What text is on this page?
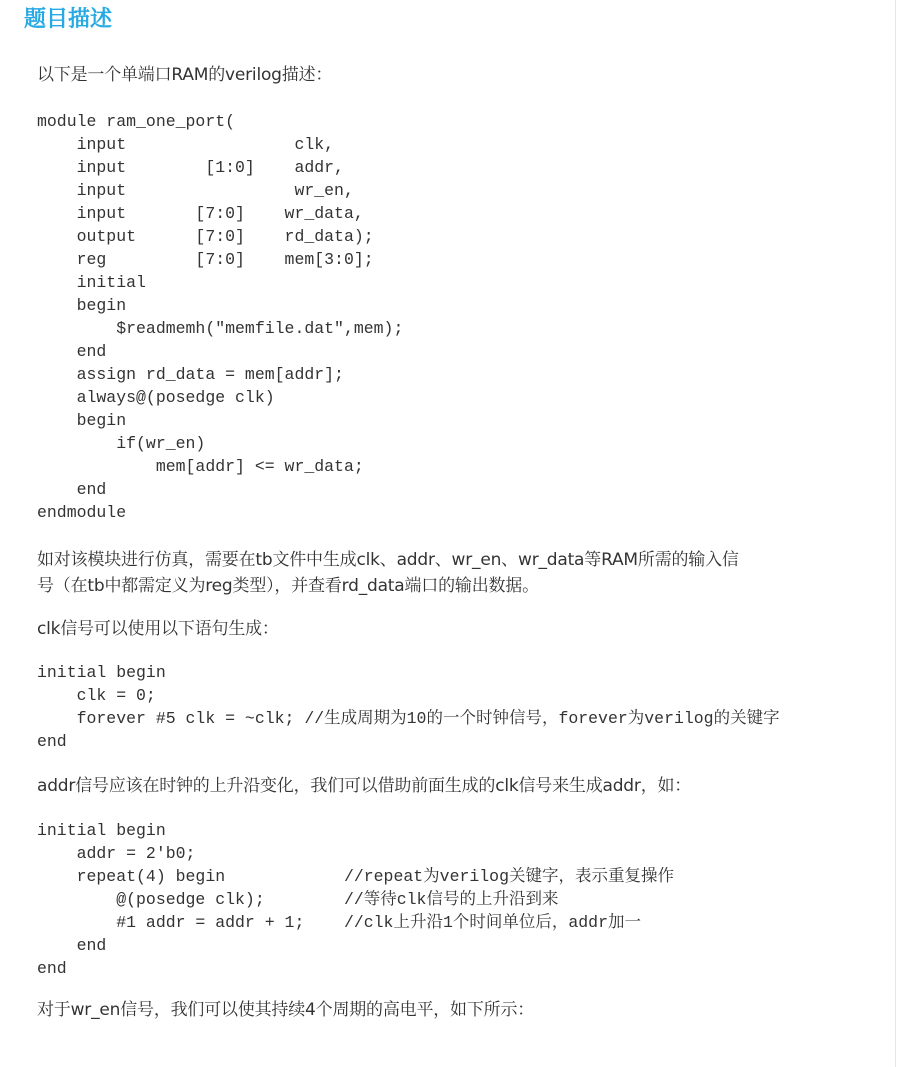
题目描述

以下是一个单端口RAM的verilog描述：

module ram_one_port(
input                 clk,
input        [1:0]    addr,
input                 wr_en,
input       [7:0]    wr_data,
output      [7:0]    rd_data);
reg         [7:0]    mem[3:0];
initial
begin
$readmemh("memfile.dat",mem);
end
assign rd_data = mem[addr];
always@(posedge clk)
begin
if(wr_en)
mem[addr] <= wr_data;
end
endmodule

如对该模块进行仿真，需要在tb文件中生成clk、addr、wr_en、wr_data等RAM所需的输入信

号（在tb中都需定义为reg类型），并查看rd_data端口的输出数据。

clk信号可以使用以下语句生成：

initial begin
clk = 0;
forever #5 clk = ~clk; //生成周期为10的一个时钟信号，forever为verilog的关键字
end

addr信号应该在时钟的上升沿变化，我们可以借助前面生成的clk信号来生成addr，如：

initial begin
addr = 2'b0;
repeat(4) begin            //repeat为verilog关键字，表示重复操作
@(posedge clk);        //等待clk信号的上升沿到来
#1 addr = addr + 1;    //clk上升沿1个时间单位后，addr加一
end
end

对于wr_en信号，我们可以使其持续4个周期的高电平，如下所示：
